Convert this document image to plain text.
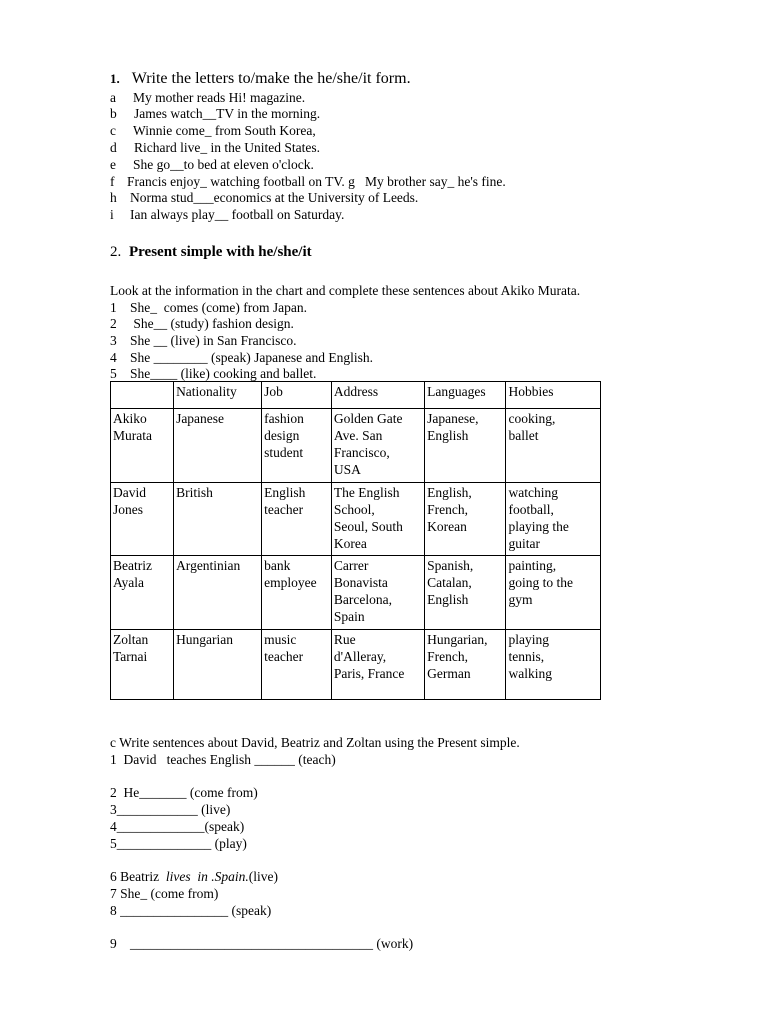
1. Write the letters to/make the he/she/it form.
a My mother reads Hi! magazine.
b James watch__TV in the morning.
c Winnie come_ from South Korea,
d Richard live_ in the United States.
e She go__to bed at eleven o'clock.
f Francis enjoy_ watching football on TV. g   My brother say_ he's fine.
h Norma stud___economics at the University of Leeds.
i Ian always play__ football on Saturday.
2. Present simple with he/she/it
Look at the information in the chart and complete these sentences about Akiko Murata.
1 She_  comes (come) from Japan.
2 She__ (study) fashion design.
3 She __ (live) in San Francisco.
4 She ________ (speak) Japanese and English.
5 She____ (like) cooking and ballet.
	Nationality	Job	Address	Languages	Hobbies
Akiko
Murata	Japanese	fashion
design
student	Golden Gate
Ave. San
Francisco,
USA	Japanese,
English	cooking,
ballet
David
Jones	British	English
teacher	The English
School,
Seoul, South
Korea	English,
French,
Korean	watching
football,
playing the
guitar
Beatriz
Ayala	Argentinian	bank
employee	Carrer
Bonavista
Barcelona,
Spain	Spanish,
Catalan,
English	painting,
going to the
gym
Zoltan
Tarnai	Hungarian	music
teacher	Rue
d'Alleray,
Paris, France	Hungarian,
French,
German	playing
tennis,
walking
c Write sentences about David, Beatriz and Zoltan using the Present simple.
1  David   teaches English ______ (teach)
2  He_______ (come from)
3____________ (live)
4_____________(speak)
5______________ (play)
6 Beatriz  lives  in .Spain.(live)
7 She_ (come from)
8 ________________ (speak)
9 ____________________________________ (work)
